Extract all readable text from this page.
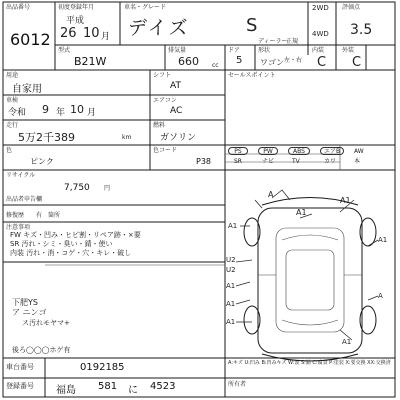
出品番号
6012
初度登録年月
平成
26 10 月
車名・グレード
デイズ	S
2WD
4WD
評価点
3.5
内装	外装
C C
型式
B21W
排気量
660 cc
ドア
5
形状
ワゴン
ディーラー
正規
左・右
用途
自家用
シフト
AT
エアコン
AC
燃料
ガソリン
色コード
P38
車検
令和 9 年 10 月
走行
5万2千389	km
色
ピンク
リサイクル
7,750 円
セールスポイント
PS	PW	ABS	エアB	AW
SR	ナビ	TV	カワ	本
出品者申告欄
修復歴 有 箇所
注意事項
FW キズ・凹み・ヒビ割・リペア跡・×要
SR 汚れ・シミ・臭い・錆・使い
内装 汚れ・消・コゲ・穴・キレ・破し
下肥YS
ア ニンゴ
ス汚れモヤマ+
後ろ◯◯◯ホゲ有
A
A1
A1
A1
U2
U2
A1
A1
A1
A1
A
A1
車台番号	0192185
登録番号 福島 581 に 4523
A:キズ U:凹み B:凹みキズ W:波 S:錆 C:腐食 P:塗装 X:要交換 XX:交換済
所有者
